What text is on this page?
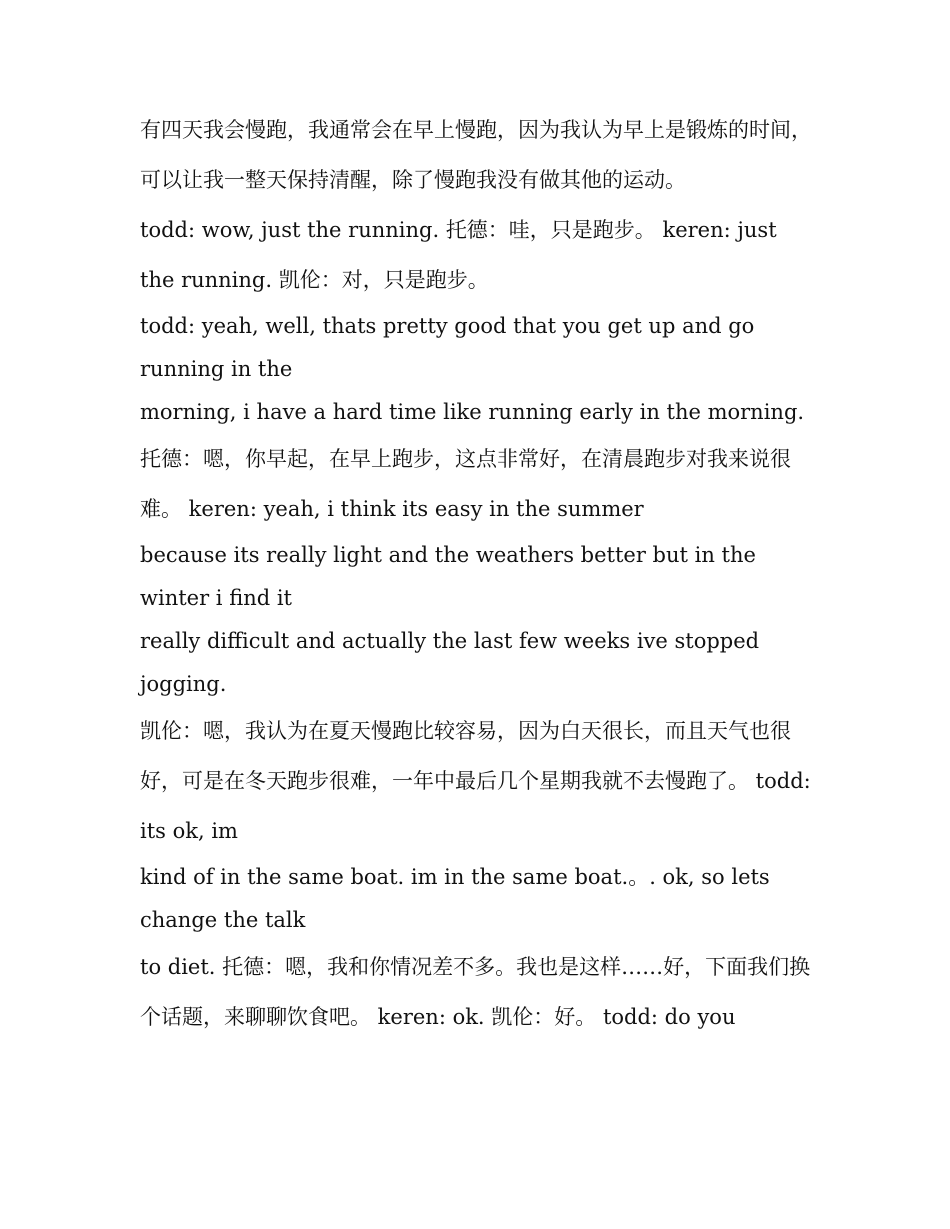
有四天我会慢跑，我通常会在早上慢跑，因为我认为早上是锻炼的时间，可以让我一整天保持清醒，除了慢跑我没有做其他的运动。

todd: wow, just the running. 托德：哇，只是跑步。 keren: just the running. 凯伦：对，只是跑步。

todd: yeah, well, thats pretty good that you get up and go running in the

morning, i have a hard time like running early in the morning.

托德：嗯，你早起，在早上跑步，这点非常好，在清晨跑步对我来说很难。 keren: yeah, i think its easy in the summer

because its really light and the weathers better but in the winter i find it

really difficult and actually the last few weeks ive stopped jogging.

凯伦：嗯，我认为在夏天慢跑比较容易，因为白天很长，而且天气也很好，可是在冬天跑步很难，一年中最后几个星期我就不去慢跑了。 todd: its ok, im

kind of in the same boat. im in the same boat.。. ok, so lets change the talk

to diet. 托德：嗯，我和你情况差不多。我也是这样……好，下面我们换个话题，来聊聊饮食吧。 keren: ok. 凯伦：好。 todd: do you
